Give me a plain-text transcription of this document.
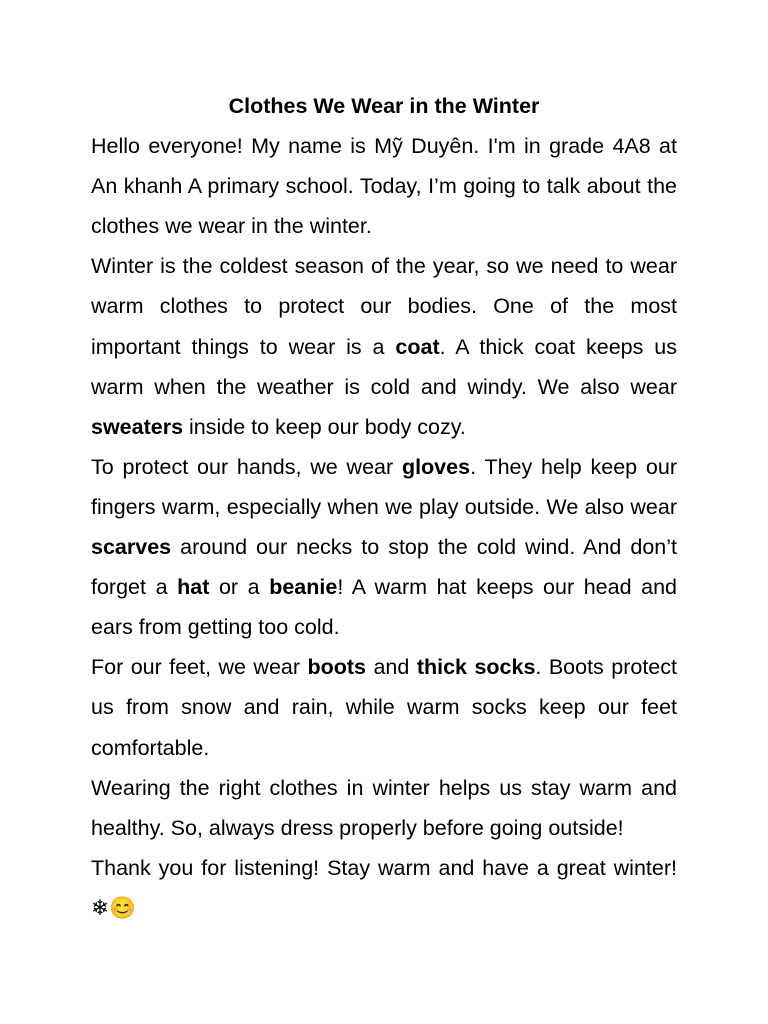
Clothes We Wear in the Winter

Hello everyone! My name is Mỹ Duyên. I'm in grade 4A8 at An khanh A primary school. Today, I’m going to talk about the clothes we wear in the winter.

Winter is the coldest season of the year, so we need to wear warm clothes to protect our bodies. One of the most important things to wear is a coat. A thick coat keeps us warm when the weather is cold and windy. We also wear sweaters inside to keep our body cozy.

To protect our hands, we wear gloves. They help keep our fingers warm, especially when we play outside. We also wear scarves around our necks to stop the cold wind. And don’t forget a hat or a beanie! A warm hat keeps our head and ears from getting too cold.

For our feet, we wear boots and thick socks. Boots protect us from snow and rain, while warm socks keep our feet comfortable.

Wearing the right clothes in winter helps us stay warm and healthy. So, always dress properly before going outside!

Thank you for listening! Stay warm and have a great winter! ❄😊
